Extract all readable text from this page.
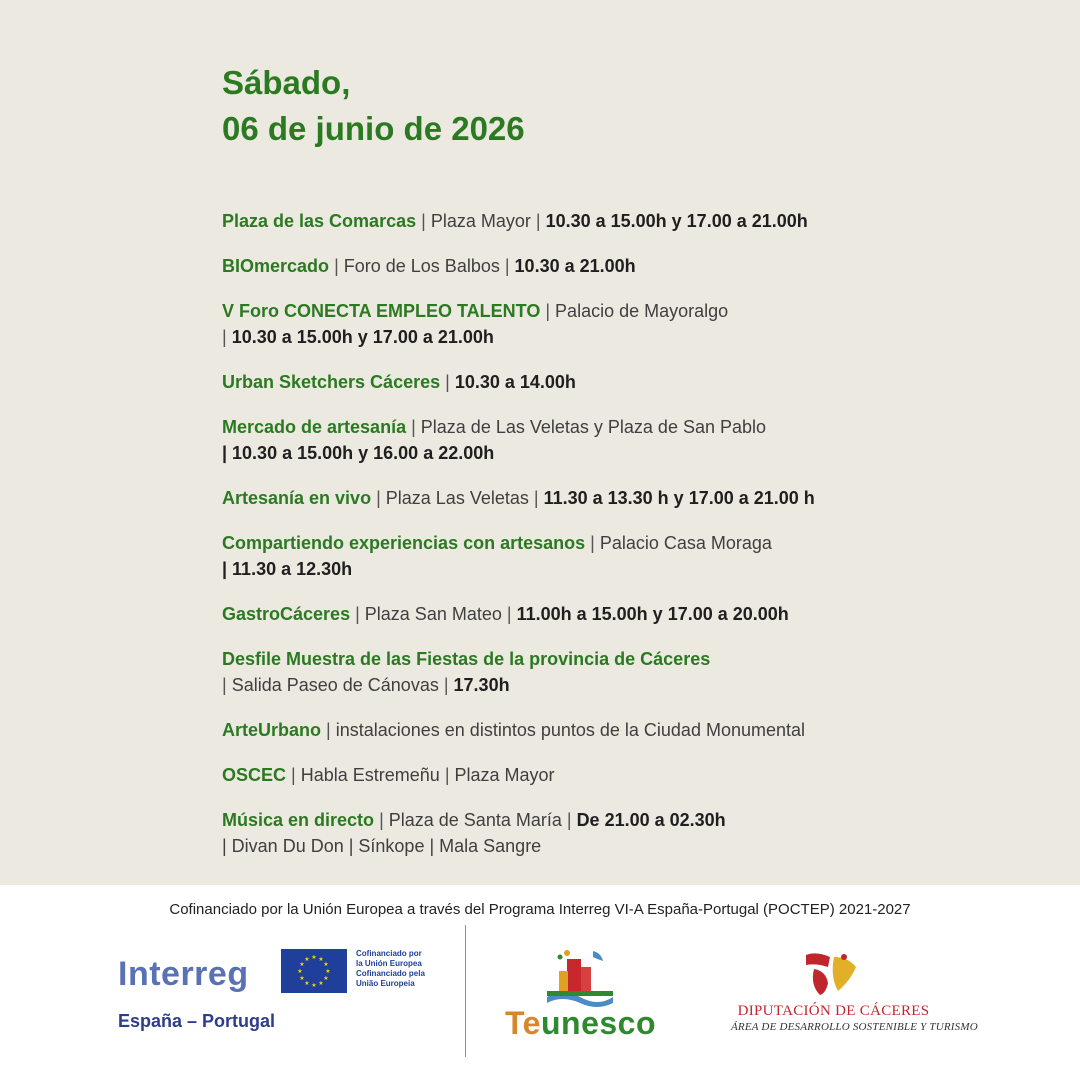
Sábado,
06 de junio de 2026
Plaza de las Comarcas | Plaza Mayor | 10.30 a 15.00h y 17.00 a 21.00h
BIOmercado | Foro de Los Balbos | 10.30 a 21.00h
V Foro CONECTA EMPLEO TALENTO | Palacio de Mayoralgo
| 10.30 a 15.00h y 17.00 a 21.00h
Urban Sketchers Cáceres | 10.30 a 14.00h
Mercado de artesanía | Plaza de Las Veletas y Plaza de San Pablo
| 10.30 a 15.00h y 16.00 a 22.00h
Artesanía en vivo | Plaza Las Veletas | 11.30 a 13.30 h y 17.00 a 21.00 h
Compartiendo experiencias con artesanos | Palacio Casa Moraga
| 11.30 a 12.30h
GastroCáceres | Plaza San Mateo | 11.00h a 15.00h y 17.00 a 20.00h
Desfile Muestra de las Fiestas de la provincia de Cáceres
| Salida Paseo de Cánovas | 17.30h
ArteUrbano | instalaciones en distintos puntos de la Ciudad Monumental
OSCEC | Habla Estremeñu | Plaza Mayor
Música en directo | Plaza de Santa María | De 21.00 a 02.30h
| Divan Du Don | Sínkope | Mala Sangre
Cofinanciado por la Unión Europea a través del Programa Interreg VI-A España-Portugal (POCTEP) 2021-2027
Interreg
España – Portugal
★ ★
★
★
★
★
★
★
★
★
★
★
Cofinanciado por
la Unión Europea
Cofinanciado pela
União Europeia
Teunesco	DIPUTACIÓN DE CÁCERES
ÁREA DE DESARROLLO SOSTENIBLE Y TURISMO
